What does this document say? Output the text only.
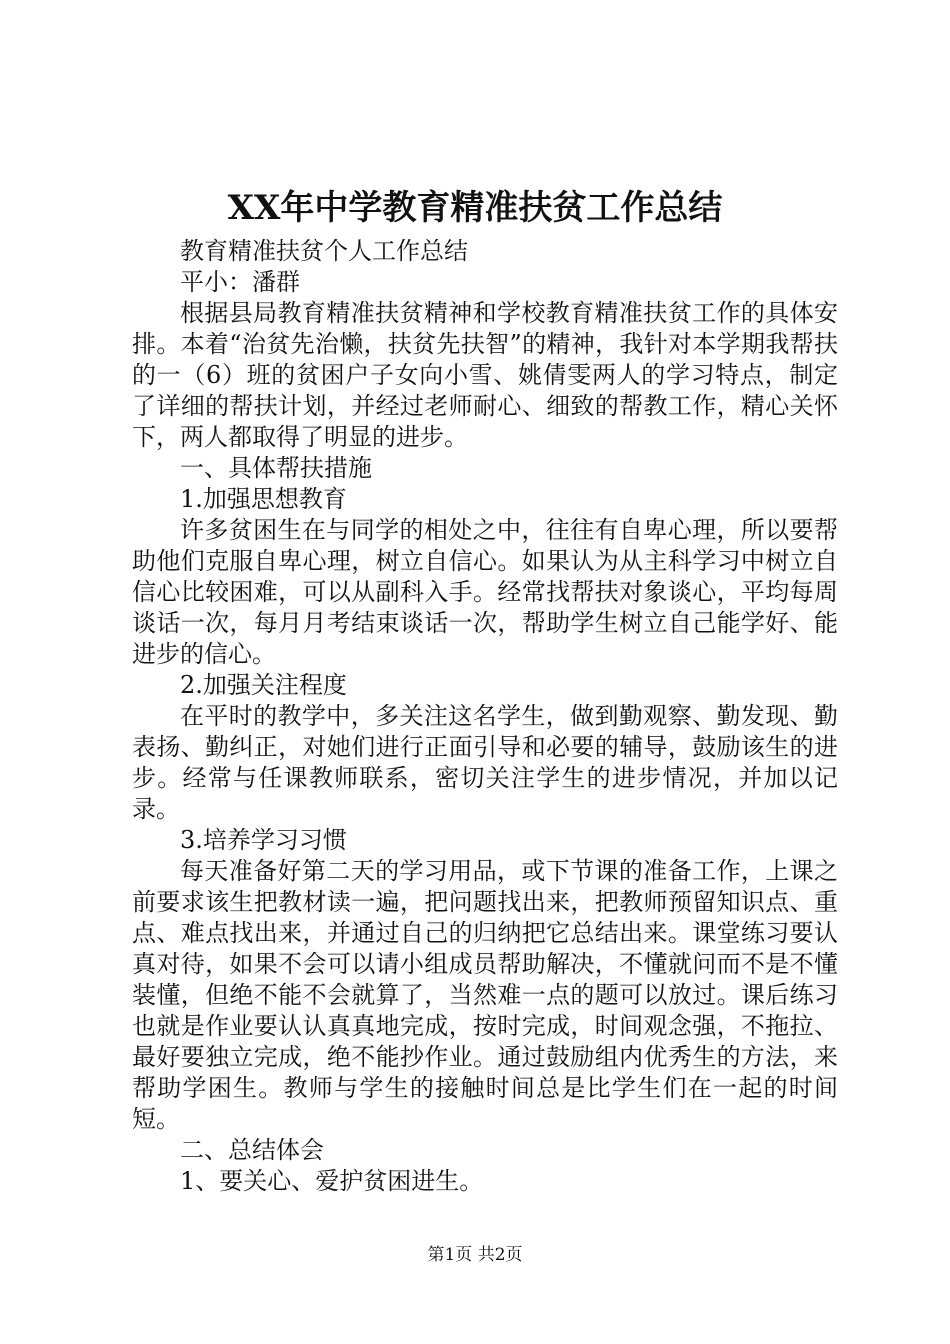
XX年中学教育精准扶贫工作总结

教育精准扶贫个人工作总结

平小：潘群

根据县局教育精准扶贫精神和学校教育精准扶贫工作的具体安排。本着“治贫先治懒，扶贫先扶智”的精神，我针对本学期我帮扶的一（6）班的贫困户子女向小雪、姚倩雯两人的学习特点，制定了详细的帮扶计划，并经过老师耐心、细致的帮教工作，精心关怀下，两人都取得了明显的进步。

一、具体帮扶措施

1.加强思想教育

许多贫困生在与同学的相处之中，往往有自卑心理，所以要帮助他们克服自卑心理，树立自信心。如果认为从主科学习中树立自信心比较困难，可以从副科入手。经常找帮扶对象谈心，平均每周谈话一次，每月月考结束谈话一次，帮助学生树立自己能学好、能进步的信心。

2.加强关注程度

在平时的教学中，多关注这名学生，做到勤观察、勤发现、勤表扬、勤纠正，对她们进行正面引导和必要的辅导，鼓励该生的进步。经常与任课教师联系，密切关注学生的进步情况，并加以记录。

3.培养学习习惯

每天准备好第二天的学习用品，或下节课的准备工作，上课之前要求该生把教材读一遍，把问题找出来，把教师预留知识点、重点、难点找出来，并通过自己的归纳把它总结出来。课堂练习要认真对待，如果不会可以请小组成员帮助解决，不懂就问而不是不懂装懂，但绝不能不会就算了，当然难一点的题可以放过。课后练习也就是作业要认认真真地完成，按时完成，时间观念强，不拖拉、最好要独立完成，绝不能抄作业。通过鼓励组内优秀生的方法，来帮助学困生。教师与学生的接触时间总是比学生们在一起的时间短。

二、总结体会

1、要关心、爱护贫困进生。

第1页 共2页
